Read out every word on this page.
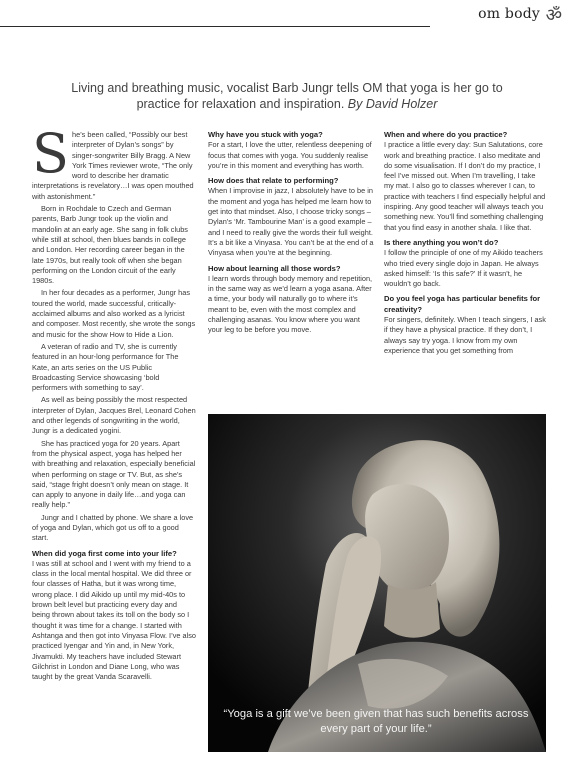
om body ॐ
Living and breathing music, vocalist Barb Jungr tells OM that yoga is her go to practice for relaxation and inspiration. By David Holzer
S he’s been called, “Possibly our best interpreter of Dylan’s songs” by singer-songwriter Billy Bragg. A New York Times reviewer wrote, “The only word to describe her dramatic interpretations is revelatory…I was open mouthed with astonishment.”

Born in Rochdale to Czech and German parents, Barb Jungr took up the violin and mandolin at an early age. She sang in folk clubs while still at school, then blues bands in college and London. Her recording career began in the late 1970s, but really took off when she began performing on the London circuit of the early 1980s.

In her four decades as a performer, Jungr has toured the world, made successful, critically-acclaimed albums and also worked as a lyricist and composer. Most recently, she wrote the songs and music for the show How to Hide a Lion.

A veteran of radio and TV, she is currently featured in an hour-long performance for The Kate, an arts series on the US Public Broadcasting Service showcasing ‘bold performers with something to say’.

As well as being possibly the most respected interpreter of Dylan, Jacques Brel, Leonard Cohen and other legends of songwriting in the world, Jungr is a dedicated yogini.

She has practiced yoga for 20 years. Apart from the physical aspect, yoga has helped her with breathing and relaxation, especially beneficial when performing on stage or TV. But, as she’s said, “stage fright doesn’t only mean on stage. It can apply to anyone in daily life…and yoga can really help.”

Jungr and I chatted by phone. We share a love of yoga and Dylan, which got us off to a good start.

When did yoga first come into your life?

I was still at school and I went with my friend to a class in the local mental hospital. We did three or four classes of Hatha, but it was wrong time, wrong place. I did Aikido up until my mid-40s to brown belt level but practicing every day and being thrown about takes its toll on the body so I thought it was time for a change. I started with Ashtanga and then got into Vinyasa Flow. I’ve also practiced Iyengar and Yin and, in New York, Jivamukti. My teachers have included Stewart Gilchrist in London and Diane Long, who was taught by the great Vanda Scaravelli.

Why have you stuck with yoga?

For a start, I love the utter, relentless deepening of focus that comes with yoga. You suddenly realise you’re in this moment and everything has worth.

How does that relate to performing?

When I improvise in jazz, I absolutely have to be in the moment and yoga has helped me learn how to get into that mindset. Also, I choose tricky songs – Dylan’s ‘Mr. Tambourine Man’ is a good example – and I need to really give the words their full weight. It’s a bit like a Vinyasa. You can’t be at the end of a Vinyasa when you’re at the beginning.

How about learning all those words?

I learn words through body memory and repetition, in the same way as we’d learn a yoga asana. After a time, your body will naturally go to where it’s meant to be, even with the most complex and challenging asanas. You know where you want your leg to be before you move.

When and where do you practice?

I practice a little every day: Sun Salutations, core work and breathing practice. I also meditate and do some visualisation. If I don’t do my practice, I feel I’ve missed out. When I’m travelling, I take my mat. I also go to classes wherever I can, to practice with teachers I find especially helpful and inspiring. Any good teacher will always teach you something new. You’ll find something challenging that you find easy in another shala. I like that.

Is there anything you won’t do?

I follow the principle of one of my Aikido teachers who tried every single dojo in Japan. He always asked himself: ‘Is this safe?’ If it wasn’t, he wouldn’t go back.

Do you feel yoga has particular benefits for creativity?

For singers, definitely. When I teach singers, I ask if they have a physical practice. If they don’t, I always say try yoga. I know from my own experience that you get something from

“Yoga is a gift we’ve been given that has such benefits across every part of your life.”
